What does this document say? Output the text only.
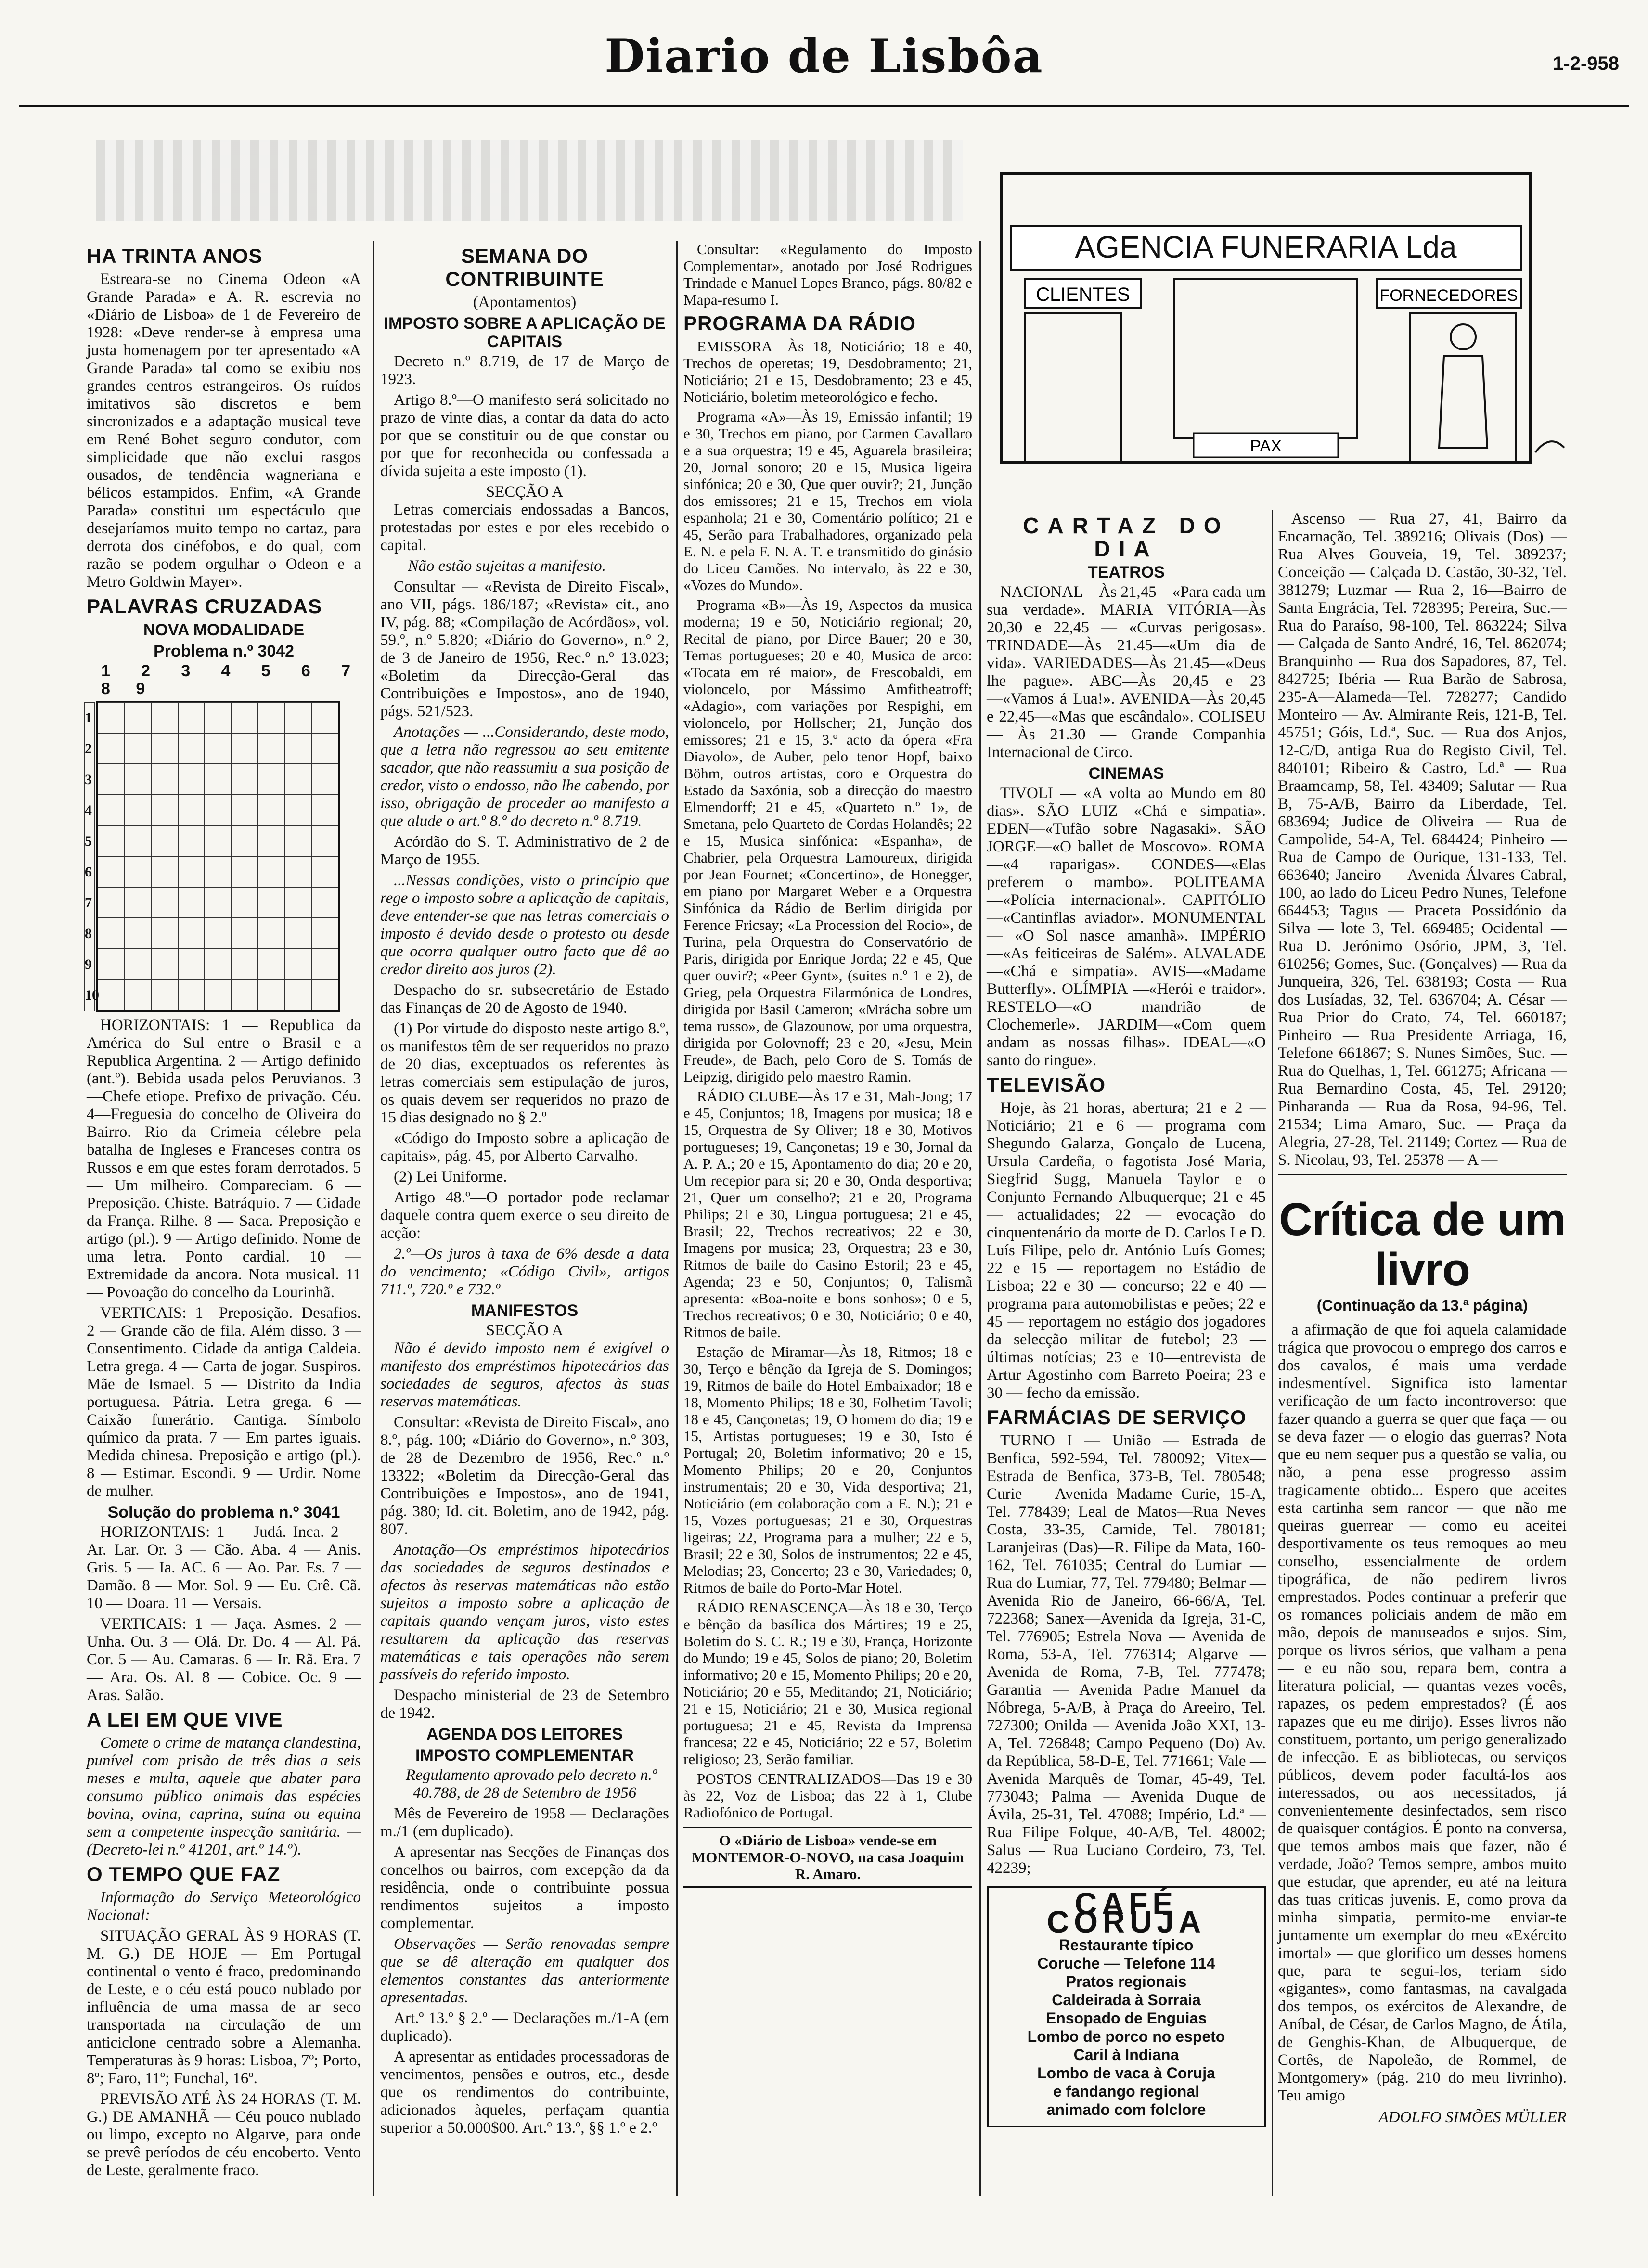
Diario de Lisbôa	1-2-958
HA TRINTA ANOS

Estreara-se no Cinema Odeon «A Grande Parada» e A. R. escrevia no «Diário de Lisboa» de 1 de Fevereiro de 1928: «Deve render-se à empresa uma justa homenagem por ter apresentado «A Grande Parada» tal como se exibiu nos grandes centros estrangeiros. Os ruídos imitativos são discretos e bem sincronizados e a adaptação musical teve em René Bohet seguro condutor, com simplicidade que não exclui rasgos ousados, de tendência wagneriana e bélicos estampidos. Enfim, «A Grande Parada» constitui um espectáculo que desejaríamos muito tempo no cartaz, para derrota dos cinéfobos, e do qual, com razão se podem orgulhar o Odeon e a Metro Goldwin Mayer».

PALAVRAS CRUZADAS
NOVA MODALIDADE
Problema n.º 3042
1 2 3 4 5 6 7 8 9
1 2 3 4 5 6 7 8 9 10

HORIZONTAIS: 1 — Republica da América do Sul entre o Brasil e a Republica Argentina. 2 — Artigo definido (ant.º). Bebida usada pelos Peruvianos. 3—Chefe etiope. Prefixo de privação. Céu. 4—Freguesia do concelho de Oliveira do Bairro. Rio da Crimeia célebre pela batalha de Ingleses e Franceses contra os Russos e em que estes foram derrotados. 5 — Um milheiro. Compareciam. 6 — Preposição. Chiste. Batráquio. 7 — Cidade da França. Rilhe. 8 — Saca. Preposição e artigo (pl.). 9 — Artigo definido. Nome de uma letra. Ponto cardial. 10 — Extremidade da ancora. Nota musical. 11 — Povoação do concelho da Lourinhã.

VERTICAIS: 1—Preposição. Desafios. 2 — Grande cão de fila. Além disso. 3 — Consentimento. Cidade da antiga Caldeia. Letra grega. 4 — Carta de jogar. Suspiros. Mãe de Ismael. 5 — Distrito da India portuguesa. Pátria. Letra grega. 6 — Caixão funerário. Cantiga. Símbolo químico da prata. 7 — Em partes iguais. Medida chinesa. Preposição e artigo (pl.). 8 — Estimar. Escondi. 9 — Urdir. Nome de mulher.

Solução do problema n.º 3041

HORIZONTAIS: 1 — Judá. Inca. 2 — Ar. Lar. Or. 3 — Cão. Aba. 4 — Anis. Gris. 5 — Ia. AC. 6 — Ao. Par. Es. 7 — Damão. 8 — Mor. Sol. 9 — Eu. Crê. Cã. 10 — Doara. 11 — Versais.

VERTICAIS: 1 — Jaça. Asmes. 2 — Unha. Ou. 3 — Olá. Dr. Do. 4 — Al. Pá. Cor. 5 — Au. Camaras. 6 — Ir. Rã. Era. 7 — Ara. Os. Al. 8 — Cobice. Oc. 9 — Aras. Salão.

A LEI EM QUE VIVE

Comete o crime de matança clandestina, punível com prisão de três dias a seis meses e multa, aquele que abater para consumo público animais das espécies bovina, ovina, caprina, suína ou equina sem a competente inspecção sanitária. — (Decreto-lei n.º 41201, art.º 14.º).

O TEMPO QUE FAZ

Informação do Serviço Meteorológico Nacional:

SITUAÇÃO GERAL ÀS 9 HORAS (T. M. G.) DE HOJE — Em Portugal continental o vento é fraco, predominando de Leste, e o céu está pouco nublado por influência de uma massa de ar seco transportada na circulação de um anticiclone centrado sobre a Alemanha. Temperaturas às 9 horas: Lisboa, 7º; Porto, 8º; Faro, 11º; Funchal, 16º.

PREVISÃO ATÉ ÀS 24 HORAS (T. M. G.) DE AMANHÃ — Céu pouco nublado ou limpo, excepto no Algarve, para onde se prevê períodos de céu encoberto. Vento de Leste, geralmente fraco.

SEMANA DO CONTRIBUINTE
(Apontamentos)
IMPOSTO SOBRE A APLICAÇÃO DE CAPITAIS

Decreto n.º 8.719, de 17 de Março de 1923.

Artigo 8.º—O manifesto será solicitado no prazo de vinte dias, a contar da data do acto por que se constituir ou de que constar ou por que for reconhecida ou confessada a dívida sujeita a este imposto (1).

SECÇÃO A

Letras comerciais endossadas a Bancos, protestadas por estes e por eles recebido o capital.

—Não estão sujeitas a manifesto.

Consultar — «Revista de Direito Fiscal», ano VII, págs. 186/187; «Revista» cit., ano IV, pág. 88; «Compilação de Acórdãos», vol. 59.º, n.º 5.820; «Diário do Governo», n.º 2, de 3 de Janeiro de 1956, Rec.º n.º 13.023; «Boletim da Direcção-Geral das Contribuições e Impostos», ano de 1940, págs. 521/523.

Anotações — ...Considerando, deste modo, que a letra não regressou ao seu emitente sacador, que não reassumiu a sua posição de credor, visto o endosso, não lhe cabendo, por isso, obrigação de proceder ao manifesto a que alude o art.º 8.º do decreto n.º 8.719.

Acórdão do S. T. Administrativo de 2 de Março de 1955.

...Nessas condições, visto o princípio que rege o imposto sobre a aplicação de capitais, deve entender-se que nas letras comerciais o imposto é devido desde o protesto ou desde que ocorra qualquer outro facto que dê ao credor direito aos juros (2).

Despacho do sr. subsecretário de Estado das Finanças de 20 de Agosto de 1940.

(1) Por virtude do disposto neste artigo 8.º, os manifestos têm de ser requeridos no prazo de 20 dias, exceptuados os referentes às letras comerciais sem estipulação de juros, os quais devem ser requeridos no prazo de 15 dias designado no § 2.º

«Código do Imposto sobre a aplicação de capitais», pág. 45, por Alberto Carvalho.

(2) Lei Uniforme.

Artigo 48.º—O portador pode reclamar daquele contra quem exerce o seu direito de acção:

2.º—Os juros à taxa de 6% desde a data do vencimento; «Código Civil», artigos 711.º, 720.º e 732.º

MANIFESTOS
SECÇÃO A

Não é devido imposto nem é exigível o manifesto dos empréstimos hipotecários das sociedades de seguros, afectos às suas reservas matemáticas.

Consultar: «Revista de Direito Fiscal», ano 8.º, pág. 100; «Diário do Governo», n.º 303, de 28 de Dezembro de 1956, Rec.º n.º 13322; «Boletim da Direcção-Geral das Contribuições e Impostos», ano de 1941, pág. 380; Id. cit. Boletim, ano de 1942, pág. 807.

Anotação—Os empréstimos hipotecários das sociedades de seguros destinados e afectos às reservas matemáticas não estão sujeitos a imposto sobre a aplicação de capitais quando vençam juros, visto estes resultarem da aplicação das reservas matemáticas e tais operações não serem passíveis do referido imposto.

Despacho ministerial de 23 de Setembro de 1942.

AGENDA DOS LEITORES
IMPOSTO COMPLEMENTAR

Regulamento aprovado pelo decreto n.º 40.788, de 28 de Setembro de 1956

Mês de Fevereiro de 1958 — Declarações m./1 (em duplicado).

A apresentar nas Secções de Finanças dos concelhos ou bairros, com excepção da da residência, onde o contribuinte possua rendimentos sujeitos a imposto complementar.

Observações — Serão renovadas sempre que se dê alteração em qualquer dos elementos constantes das anteriormente apresentadas.

Art.º 13.º § 2.º — Declarações m./1-A (em duplicado).

A apresentar as entidades processadoras de vencimentos, pensões e outros, etc., desde que os rendimentos do contribuinte, adicionados àqueles, perfaçam quantia superior a 50.000$00. Art.º 13.º, §§ 1.º e 2.º

Consultar: «Regulamento do Imposto Complementar», anotado por José Rodrigues Trindade e Manuel Lopes Branco, págs. 80/82 e Mapa-resumo I.

PROGRAMA DA RÁDIO

EMISSORA—Às 18, Noticiário; 18 e 40, Trechos de operetas; 19, Desdobramento; 21, Noticiário; 21 e 15, Desdobramento; 23 e 45, Noticiário, boletim meteorológico e fecho.

Programa «A»—Às 19, Emissão infantil; 19 e 30, Trechos em piano, por Carmen Cavallaro e a sua orquestra; 19 e 45, Aguarela brasileira; 20, Jornal sonoro; 20 e 15, Musica ligeira sinfónica; 20 e 30, Que quer ouvir?; 21, Junção dos emissores; 21 e 15, Trechos em viola espanhola; 21 e 30, Comentário político; 21 e 45, Serão para Trabalhadores, organizado pela E. N. e pela F. N. A. T. e transmitido do ginásio do Liceu Camões. No intervalo, às 22 e 30, «Vozes do Mundo».

Programa «B»—Às 19, Aspectos da musica moderna; 19 e 50, Noticiário regional; 20, Recital de piano, por Dirce Bauer; 20 e 30, Temas portugueses; 20 e 40, Musica de arco: «Tocata em ré maior», de Frescobaldi, em violoncelo, por Mássimo Amfitheatroff; «Adagio», com variações por Respighi, em violoncelo, por Hollscher; 21, Junção dos emissores; 21 e 15, 3.º acto da ópera «Fra Diavolo», de Auber, pelo tenor Hopf, baixo Böhm, outros artistas, coro e Orquestra do Estado da Saxónia, sob a direcção do maestro Elmendorff; 21 e 45, «Quarteto n.º 1», de Smetana, pelo Quarteto de Cordas Holandês; 22 e 15, Musica sinfónica: «Espanha», de Chabrier, pela Orquestra Lamoureux, dirigida por Jean Fournet; «Concertino», de Honegger, em piano por Margaret Weber e a Orquestra Sinfónica da Rádio de Berlim dirigida por Ference Fricsay; «La Procession del Rocio», de Turina, pela Orquestra do Conservatório de Paris, dirigida por Enrique Jorda; 22 e 45, Que quer ouvir?; «Peer Gynt», (suites n.º 1 e 2), de Grieg, pela Orquestra Filarmónica de Londres, dirigida por Basil Cameron; «Mrácha sobre um tema russo», de Glazounow, por uma orquestra, dirigida por Golovnoff; 23 e 20, «Jesu, Mein Freude», de Bach, pelo Coro de S. Tomás de Leipzig, dirigido pelo maestro Ramin.

RÁDIO CLUBE—Às 17 e 31, Mah-Jong; 17 e 45, Conjuntos; 18, Imagens por musica; 18 e 15, Orquestra de Sy Oliver; 18 e 30, Motivos portugueses; 19, Cançonetas; 19 e 30, Jornal da A. P. A.; 20 e 15, Apontamento do dia; 20 e 20, Um recepior para si; 20 e 30, Onda desportiva; 21, Quer um conselho?; 21 e 20, Programa Philips; 21 e 30, Lingua portuguesa; 21 e 45, Brasil; 22, Trechos recreativos; 22 e 30, Imagens por musica; 23, Orquestra; 23 e 30, Ritmos de baile do Casino Estoril; 23 e 45, Agenda; 23 e 50, Conjuntos; 0, Talismã apresenta: «Boa-noite e bons sonhos»; 0 e 5, Trechos recreativos; 0 e 30, Noticiário; 0 e 40, Ritmos de baile.

Estação de Miramar—Às 18, Ritmos; 18 e 30, Terço e bênção da Igreja de S. Domingos; 19, Ritmos de baile do Hotel Embaixador; 18 e 18, Momento Philips; 18 e 30, Folhetim Tavoli; 18 e 45, Cançonetas; 19, O homem do dia; 19 e 15, Artistas portugueses; 19 e 30, Isto é Portugal; 20, Boletim informativo; 20 e 15, Momento Philips; 20 e 20, Conjuntos instrumentais; 20 e 30, Vida desportiva; 21, Noticiário (em colaboração com a E. N.); 21 e 15, Vozes portuguesas; 21 e 30, Orquestras ligeiras; 22, Programa para a mulher; 22 e 5, Brasil; 22 e 30, Solos de instrumentos; 22 e 45, Melodias; 23, Concerto; 23 e 30, Variedades; 0, Ritmos de baile do Porto-Mar Hotel.

RÁDIO RENASCENÇA—Às 18 e 30, Terço e bênção da basílica dos Mártires; 19 e 25, Boletim do S. C. R.; 19 e 30, França, Horizonte do Mundo; 19 e 45, Solos de piano; 20, Boletim informativo; 20 e 15, Momento Philips; 20 e 20, Noticiário; 20 e 55, Meditando; 21, Noticiário; 21 e 15, Noticiário; 21 e 30, Musica regional portuguesa; 21 e 45, Revista da Imprensa francesa; 22 e 45, Noticiário; 22 e 57, Boletim religioso; 23, Serão familiar.

POSTOS CENTRALIZADOS—Das 19 e 30 às 22, Voz de Lisboa; das 22 à 1, Clube Radiofónico de Portugal.

O «Diário de Lisboa» vende-se em MONTEMOR-O-NOVO, na casa Joaquim R. Amaro.
AGENCIA FUNERARIA Lda
CLIENTES	FORNECEDORES
PAX
CARTAZ DO DIA
TEATROS

NACIONAL—Às 21,45—«Para cada um sua verdade». MARIA VITÓRIA—Às 20,30 e 22,45 — «Curvas perigosas». TRINDADE—Às 21.45—«Um dia de vida». VARIEDADES—Às 21.45—«Deus lhe pague». ABC—Às 20,45 e 23—«Vamos á Lua!». AVENIDA—Às 20,45 e 22,45—«Mas que escândalo». COLISEU — Às 21.30 — Grande Companhia Internacional de Circo.

CINEMAS

TIVOLI — «A volta ao Mundo em 80 dias». SÃO LUIZ—«Chá e simpatia». EDEN—«Tufão sobre Nagasaki». SÃO JORGE—«O ballet de Moscovo». ROMA—«4 raparigas». CONDES—«Elas preferem o mambo». POLITEAMA—«Polícia internacional». CAPITÓLIO—«Cantinflas aviador». MONUMENTAL — «O Sol nasce amanhã». IMPÉRIO—«As feiticeiras de Salém». ALVALADE—«Chá e simpatia». AVIS—«Madame Butterfly». OLÍMPIA —«Herói e traidor». RESTELO—«O mandrião de Clochemerle». JARDIM—«Com quem andam as nossas filhas». IDEAL—«O santo do ringue».

TELEVISÃO

Hoje, às 21 horas, abertura; 21 e 2 — Noticiário; 21 e 6 — programa com Shegundo Galarza, Gonçalo de Lucena, Ursula Cardeña, o fagotista José Maria, Siegfrid Sugg, Manuela Taylor e o Conjunto Fernando Albuquerque; 21 e 45 — actualidades; 22 — evocação do cinquentenário da morte de D. Carlos I e D. Luís Filipe, pelo dr. António Luís Gomes; 22 e 15 — reportagem no Estádio de Lisboa; 22 e 30 — concurso; 22 e 40 — programa para automobilistas e peões; 22 e 45 — reportagem no estágio dos jogadores da selecção militar de futebol; 23 — últimas notícias; 23 e 10—entrevista de Artur Agostinho com Barreto Poeira; 23 e 30 — fecho da emissão.

FARMÁCIAS DE SERVIÇO

TURNO I — União — Estrada de Benfica, 592-594, Tel. 780092; Vitex—Estrada de Benfica, 373-B, Tel. 780548; Curie — Avenida Madame Curie, 15-A, Tel. 778439; Leal de Matos—Rua Neves Costa, 33-35, Carnide, Tel. 780181; Laranjeiras (Das)—R. Filipe da Mata, 160-162, Tel. 761035; Central do Lumiar — Rua do Lumiar, 77, Tel. 779480; Belmar — Avenida Rio de Janeiro, 66-66/A, Tel. 722368; Sanex—Avenida da Igreja, 31-C, Tel. 776905; Estrela Nova — Avenida de Roma, 53-A, Tel. 776314; Algarve — Avenida de Roma, 7-B, Tel. 777478; Garantia — Avenida Padre Manuel da Nóbrega, 5-A/B, à Praça do Areeiro, Tel. 727300; Onilda — Avenida João XXI, 13-A, Tel. 726848; Campo Pequeno (Do) Av. da República, 58-D-E, Tel. 771661; Vale — Avenida Marquês de Tomar, 45-49, Tel. 773043; Palma — Avenida Duque de Ávila, 25-31, Tel. 47088; Império, Ld.ª — Rua Filipe Folque, 40-A/B, Tel. 48002; Salus — Rua Luciano Cordeiro, 73, Tel. 42239;

CAFÉ CORUJA
Restaurante típico
Coruche — Telefone 114
Pratos regionais
Caldeirada à Sorraia
Ensopado de Enguias
Lombo de porco no espeto
Caril à Indiana
Lombo de vaca à Coruja
e fandango regional
animado com folclore

Ascenso — Rua 27, 41, Bairro da Encarnação, Tel. 389216; Olivais (Dos) — Rua Alves Gouveia, 19, Tel. 389237; Conceição — Calçada D. Castão, 30-32, Tel. 381279; Luzmar — Rua 2, 16—Bairro de Santa Engrácia, Tel. 728395; Pereira, Suc.—Rua do Paraíso, 98-100, Tel. 863224; Silva — Calçada de Santo André, 16, Tel. 862074; Branquinho — Rua dos Sapadores, 87, Tel. 842725; Ibéria — Rua Barão de Sabrosa, 235-A—Alameda—Tel. 728277; Candido Monteiro — Av. Almirante Reis, 121-B, Tel. 45751; Góis, Ld.ª, Suc. — Rua dos Anjos, 12-C/D, antiga Rua do Registo Civil, Tel. 840101; Ribeiro & Castro, Ld.ª — Rua Braamcamp, 58, Tel. 43409; Salutar — Rua B, 75-A/B, Bairro da Liberdade, Tel. 683694; Judice de Oliveira — Rua de Campolide, 54-A, Tel. 684424; Pinheiro — Rua de Campo de Ourique, 131-133, Tel. 663640; Janeiro — Avenida Álvares Cabral, 100, ao lado do Liceu Pedro Nunes, Telefone 664453; Tagus — Praceta Possidónio da Silva — lote 3, Tel. 669485; Ocidental — Rua D. Jerónimo Osório, JPM, 3, Tel. 610256; Gomes, Suc. (Gonçalves) — Rua da Junqueira, 326, Tel. 638193; Costa — Rua dos Lusíadas, 32, Tel. 636704; A. César — Rua Prior do Crato, 74, Tel. 660187; Pinheiro — Rua Presidente Arriaga, 16, Telefone 661867; S. Nunes Simões, Suc. — Rua do Quelhas, 1, Tel. 661275; Africana — Rua Bernardino Costa, 45, Tel. 29120; Pinharanda — Rua da Rosa, 94-96, Tel. 21534; Lima Amaro, Suc. — Praça da Alegria, 27-28, Tel. 21149; Cortez — Rua de S. Nicolau, 93, Tel. 25378 — A —

Crítica de um livro
(Continuação da 13.ª página)

a afirmação de que foi aquela calamidade trágica que provocou o emprego dos carros e dos cavalos, é mais uma verdade indesmentível. Significa isto lamentar verificação de um facto incontroverso: que fazer quando a guerra se quer que faça — ou se deva fazer — o elogio das guerras? Nota que eu nem sequer pus a questão se valia, ou não, a pena esse progresso assim tragicamente obtido... Espero que aceites esta cartinha sem rancor — que não me queiras guerrear — como eu aceitei desportivamente os teus remoques ao meu conselho, essencialmente de ordem tipográfica, de não pedirem livros emprestados. Podes continuar a preferir que os romances policiais andem de mão em mão, depois de manuseados e sujos. Sim, porque os livros sérios, que valham a pena — e eu não sou, repara bem, contra a literatura policial, — quantas vezes vocês, rapazes, os pedem emprestados? (É aos rapazes que eu me dirijo). Esses livros não constituem, portanto, um perigo generalizado de infecção. E as bibliotecas, ou serviços públicos, devem poder facultá-los aos interessados, ou aos necessitados, já convenientemente desinfectados, sem risco de quaisquer contágios. É ponto na conversa, que temos ambos mais que fazer, não é verdade, João? Temos sempre, ambos muito que estudar, que aprender, eu até na leitura das tuas críticas juvenis. E, como prova da minha simpatia, permito-me enviar-te juntamente um exemplar do meu «Exército imortal» — que glorifico um desses homens que, para te segui-los, teriam sido «gigantes», como fantasmas, na cavalgada dos tempos, os exércitos de Alexandre, de Aníbal, de César, de Carlos Magno, de Átila, de Genghis-Khan, de Albuquerque, de Cortês, de Napoleão, de Rommel, de Montgomery» (pág. 210 do meu livrinho). Teu amigo

ADOLFO SIMÕES MÜLLER
